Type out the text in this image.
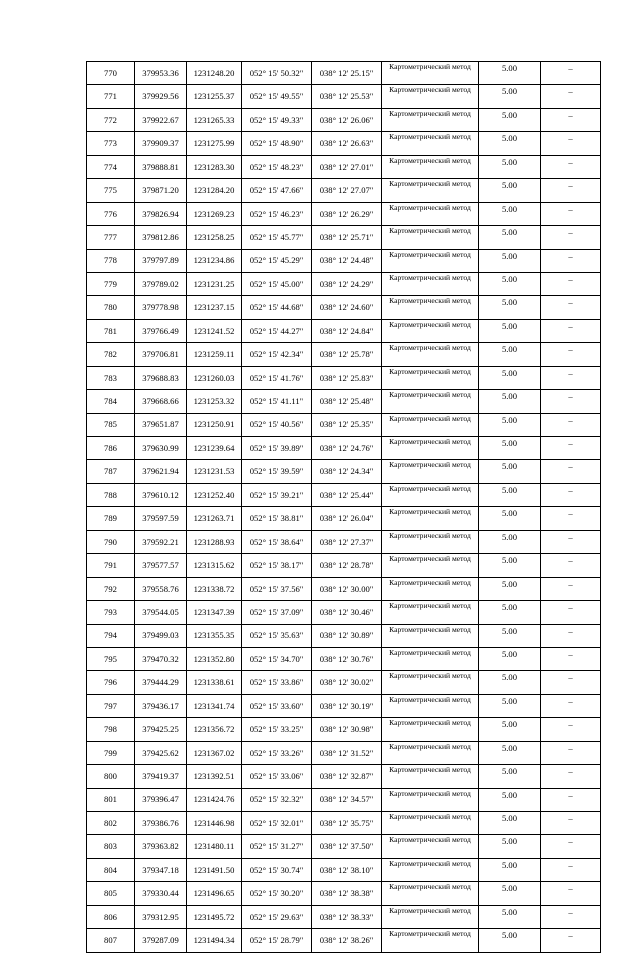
770	379953.36	1231248.20	052° 15' 50.32"	038° 12' 25.15"	Картометрический метод	5.00	–
771	379929.56	1231255.37	052° 15' 49.55"	038° 12' 25.53"	Картометрический метод	5.00	–
772	379922.67	1231265.33	052° 15' 49.33"	038° 12' 26.06"	Картометрический метод	5.00	–
773	379909.37	1231275.99	052° 15' 48.90"	038° 12' 26.63"	Картометрический метод	5.00	–
774	379888.81	1231283.30	052° 15' 48.23"	038° 12' 27.01"	Картометрический метод	5.00	–
775	379871.20	1231284.20	052° 15' 47.66"	038° 12' 27.07"	Картометрический метод	5.00	–
776	379826.94	1231269.23	052° 15' 46.23"	038° 12' 26.29"	Картометрический метод	5.00	–
777	379812.86	1231258.25	052° 15' 45.77"	038° 12' 25.71"	Картометрический метод	5.00	–
778	379797.89	1231234.86	052° 15' 45.29"	038° 12' 24.48"	Картометрический метод	5.00	–
779	379789.02	1231231.25	052° 15' 45.00"	038° 12' 24.29"	Картометрический метод	5.00	–
780	379778.98	1231237.15	052° 15' 44.68"	038° 12' 24.60"	Картометрический метод	5.00	–
781	379766.49	1231241.52	052° 15' 44.27"	038° 12' 24.84"	Картометрический метод	5.00	–
782	379706.81	1231259.11	052° 15' 42.34"	038° 12' 25.78"	Картометрический метод	5.00	–
783	379688.83	1231260.03	052° 15' 41.76"	038° 12' 25.83"	Картометрический метод	5.00	–
784	379668.66	1231253.32	052° 15' 41.11"	038° 12' 25.48"	Картометрический метод	5.00	–
785	379651.87	1231250.91	052° 15' 40.56"	038° 12' 25.35"	Картометрический метод	5.00	–
786	379630.99	1231239.64	052° 15' 39.89"	038° 12' 24.76"	Картометрический метод	5.00	–
787	379621.94	1231231.53	052° 15' 39.59"	038° 12' 24.34"	Картометрический метод	5.00	–
788	379610.12	1231252.40	052° 15' 39.21"	038° 12' 25.44"	Картометрический метод	5.00	–
789	379597.59	1231263.71	052° 15' 38.81"	038° 12' 26.04"	Картометрический метод	5.00	–
790	379592.21	1231288.93	052° 15' 38.64"	038° 12' 27.37"	Картометрический метод	5.00	–
791	379577.57	1231315.62	052° 15' 38.17"	038° 12' 28.78"	Картометрический метод	5.00	–
792	379558.76	1231338.72	052° 15' 37.56"	038° 12' 30.00"	Картометрический метод	5.00	–
793	379544.05	1231347.39	052° 15' 37.09"	038° 12' 30.46"	Картометрический метод	5.00	–
794	379499.03	1231355.35	052° 15' 35.63"	038° 12' 30.89"	Картометрический метод	5.00	–
795	379470.32	1231352.80	052° 15' 34.70"	038° 12' 30.76"	Картометрический метод	5.00	–
796	379444.29	1231338.61	052° 15' 33.86"	038° 12' 30.02"	Картометрический метод	5.00	–
797	379436.17	1231341.74	052° 15' 33.60"	038° 12' 30.19"	Картометрический метод	5.00	–
798	379425.25	1231356.72	052° 15' 33.25"	038° 12' 30.98"	Картометрический метод	5.00	–
799	379425.62	1231367.02	052° 15' 33.26"	038° 12' 31.52"	Картометрический метод	5.00	–
800	379419.37	1231392.51	052° 15' 33.06"	038° 12' 32.87"	Картометрический метод	5.00	–
801	379396.47	1231424.76	052° 15' 32.32"	038° 12' 34.57"	Картометрический метод	5.00	–
802	379386.76	1231446.98	052° 15' 32.01"	038° 12' 35.75"	Картометрический метод	5.00	–
803	379363.82	1231480.11	052° 15' 31.27"	038° 12' 37.50"	Картометрический метод	5.00	–
804	379347.18	1231491.50	052° 15' 30.74"	038° 12' 38.10"	Картометрический метод	5.00	–
805	379330.44	1231496.65	052° 15' 30.20"	038° 12' 38.38"	Картометрический метод	5.00	–
806	379312.95	1231495.72	052° 15' 29.63"	038° 12' 38.33"	Картометрический метод	5.00	–
807	379287.09	1231494.34	052° 15' 28.79"	038° 12' 38.26"	Картометрический метод	5.00	–
